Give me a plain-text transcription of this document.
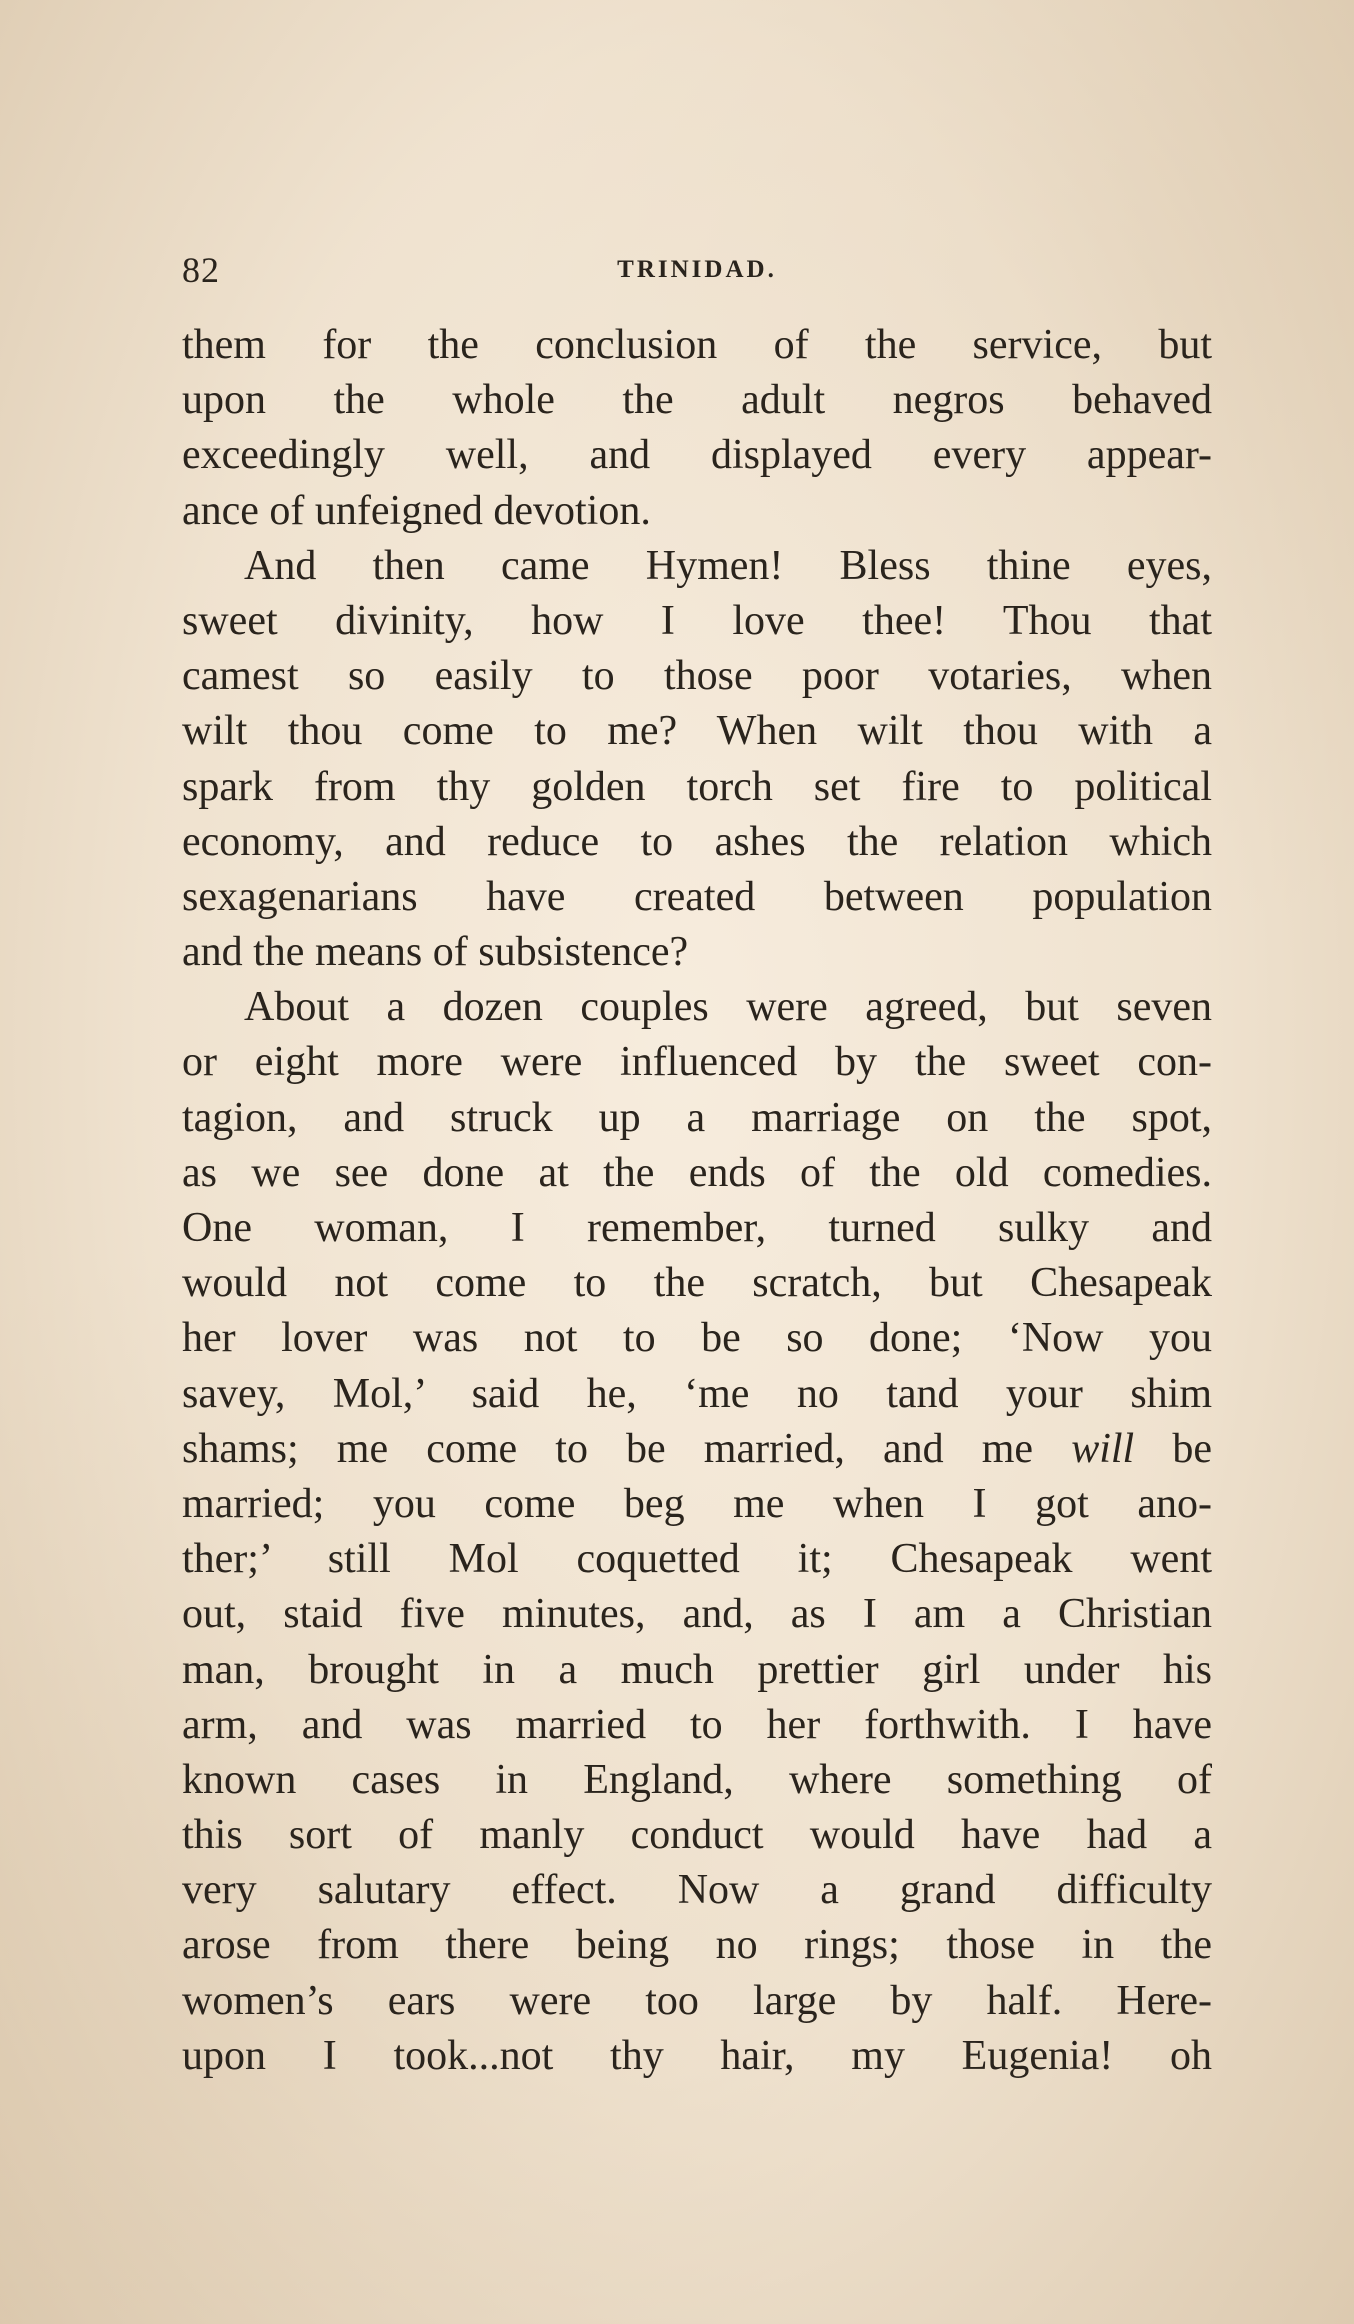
82	TRINIDAD.
them for the conclusion of the service, but
upon the whole the adult negros behaved
exceedingly well, and displayed every appear-
ance of unfeigned devotion.
And then came Hymen! Bless thine eyes,
sweet divinity, how I love thee! Thou that
camest so easily to those poor votaries, when
wilt thou come to me? When wilt thou with a
spark from thy golden torch set fire to political
economy, and reduce to ashes the relation which
sexagenarians have created between population
and the means of subsistence?
About a dozen couples were agreed, but seven
or eight more were influenced by the sweet con-
tagion, and struck up a marriage on the spot,
as we see done at the ends of the old comedies.
One woman, I remember, turned sulky and
would not come to the scratch, but Chesapeak
her lover was not to be so done; ‘Now you
savey, Mol,’ said he, ‘me no tand your shim
shams; me come to be married, and me will be
married; you come beg me when I got ano-
ther;’ still Mol coquetted it; Chesapeak went
out, staid five minutes, and, as I am a Christian
man, brought in a much prettier girl under his
arm, and was married to her forthwith. I have
known cases in England, where something of
this sort of manly conduct would have had a
very salutary effect. Now a grand difficulty
arose from there being no rings; those in the
women’s ears were too large by half. Here-
upon I took...not thy hair, my Eugenia! oh
